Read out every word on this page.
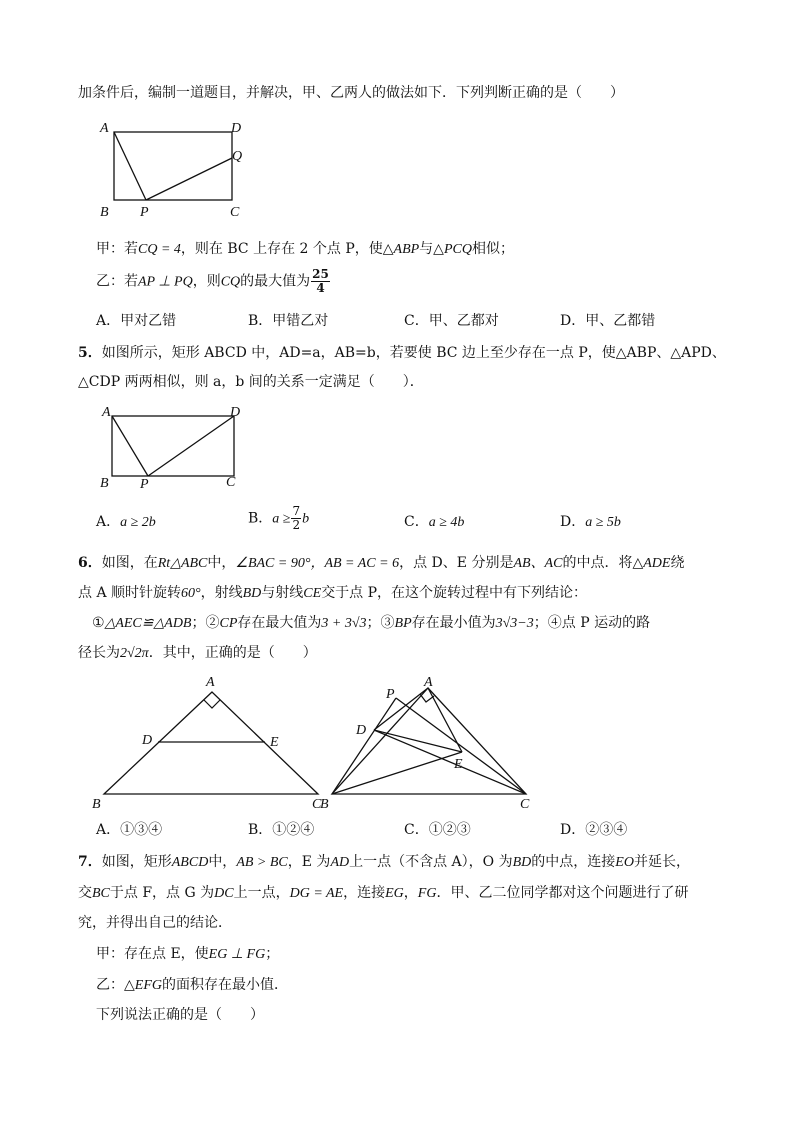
加条件后，编制一道题目，并解决，甲、乙两人的做法如下．下列判断正确的是（　　）
A	D
Q
B P	C
甲：若CQ = 4，则在 BC 上存在 2 个点 P，使△ABP与△PCQ相似；
乙：若AP ⊥ PQ，则CQ的最大值为 $\frac{25}{4}$
A．甲对乙错	B．甲错乙对	C．甲、乙都对	D．甲、乙都错
5．如图所示，矩形 ABCD 中，AD=a，AB=b，若要使 BC 边上至少存在一点 P，使△ABP、△APD、
△CDP 两两相似，则 a，b 间的关系一定满足（　　）．
A	D
B P	C
A．a ≥ 2b	B．$a \ge \frac{7}{2}$ b	C．a ≥ 4b	D．a ≥ 5b
6．如图，在Rt△ABC中，∠BAC = 90°，AB = AC = 6，点 D、E 分别是AB、AC的中点．将△ADE绕
点 A 顺时针旋转60°，射线BD与射线CE交于点 P，在这个旋转过程中有下列结论：
①△AEC≌△ADB；②CP存在最大值为3 + 3√3；③BP存在最小值为3√3−3；④点 P 运动的路
径长为2√2π．其中，正确的是（　　）
A
D	E
B	C
P
A
D
E
B	C
A．①③④	B．①②④	C．①②③	D．②③④
7．如图，矩形ABCD中，AB > BC，E 为AD上一点（不含点 A），O 为BD的中点，连接EO并延长，
交BC于点 F，点 G 为DC上一点，DG = AE，连接EG，FG．甲、乙二位同学都对这个问题进行了研
究，并得出自己的结论．
甲：存在点 E，使EG ⊥ FG；
乙：△EFG的面积存在最小值．
下列说法正确的是（　　）
